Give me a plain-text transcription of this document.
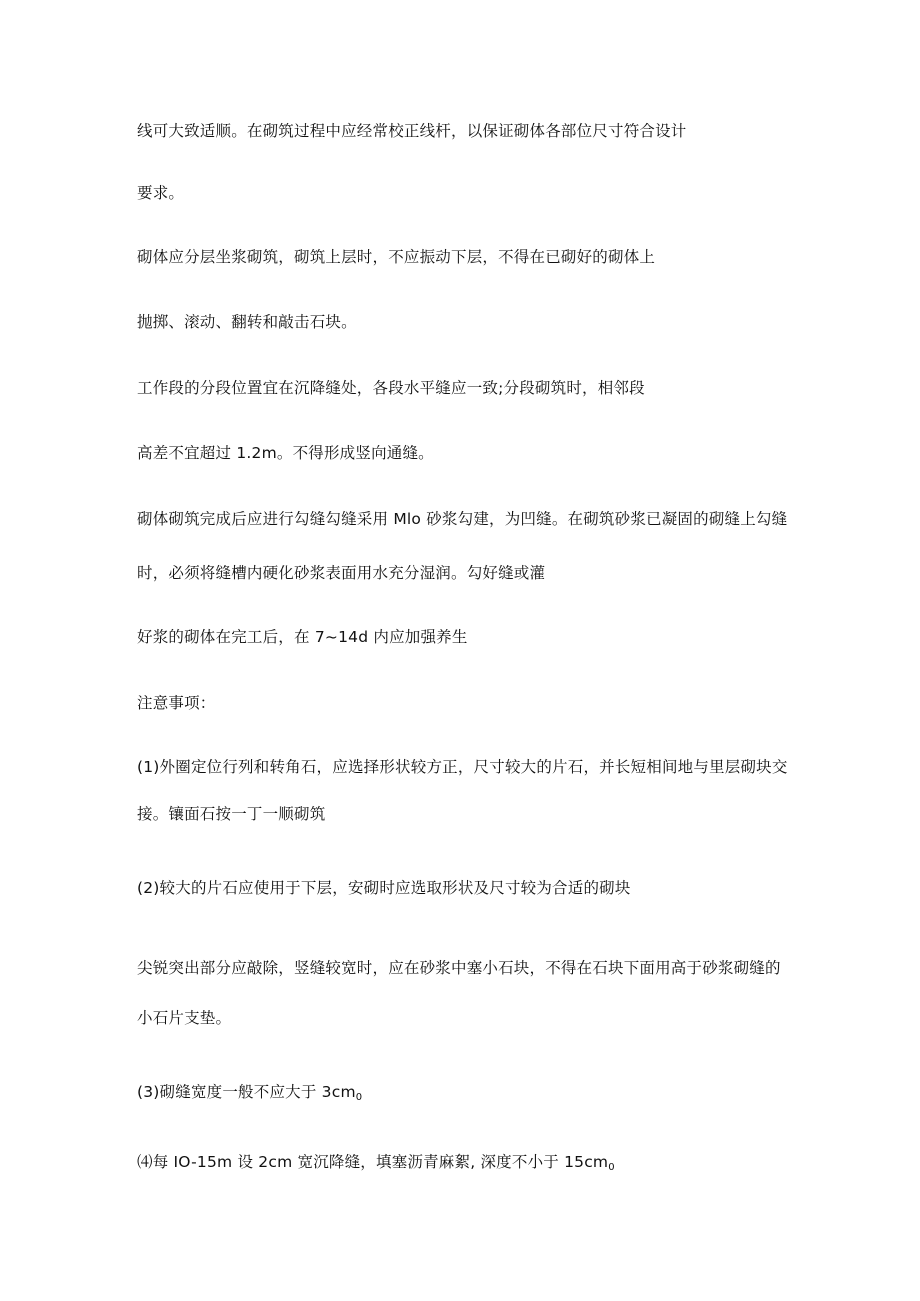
线可大致适顺。在砌筑过程中应经常校正线杆，以保证砌体各部位尺寸符合设计
要求。
砌体应分层坐浆砌筑，砌筑上层时，不应振动下层，不得在已砌好的砌体上
抛掷、滚动、翻转和敲击石块。
工作段的分段位置宜在沉降缝处，各段水平缝应一致;分段砌筑时，相邻段
高差不宜超过 1.2m。不得形成竖向通缝。
砌体砌筑完成后应进行勾缝勾缝采用 Mlo 砂浆勾建，为凹缝。在砌筑砂浆已凝固的砌缝上勾缝
时，必须将缝槽内硬化砂浆表面用水充分湿润。勾好缝或灌
好浆的砌体在完工后，在 7~14d 内应加强养生
注意事项：
(1)外圈定位行列和转角石，应选择形状较方正，尺寸较大的片石，并长短相间地与里层砌块交
接。镶面石按一丁一顺砌筑
(2)较大的片石应使用于下层，安砌时应选取形状及尺寸较为合适的砌块
尖锐突出部分应敲除，竖缝较宽时，应在砂浆中塞小石块，不得在石块下面用高于砂浆砌缝的
小石片支垫。
(3)砌缝宽度一般不应大于 $3cm_0$
⑷每 IO-15m 设 2cm 宽沉降缝，填塞沥青麻絮, 深度不小于 $15cm_0$
